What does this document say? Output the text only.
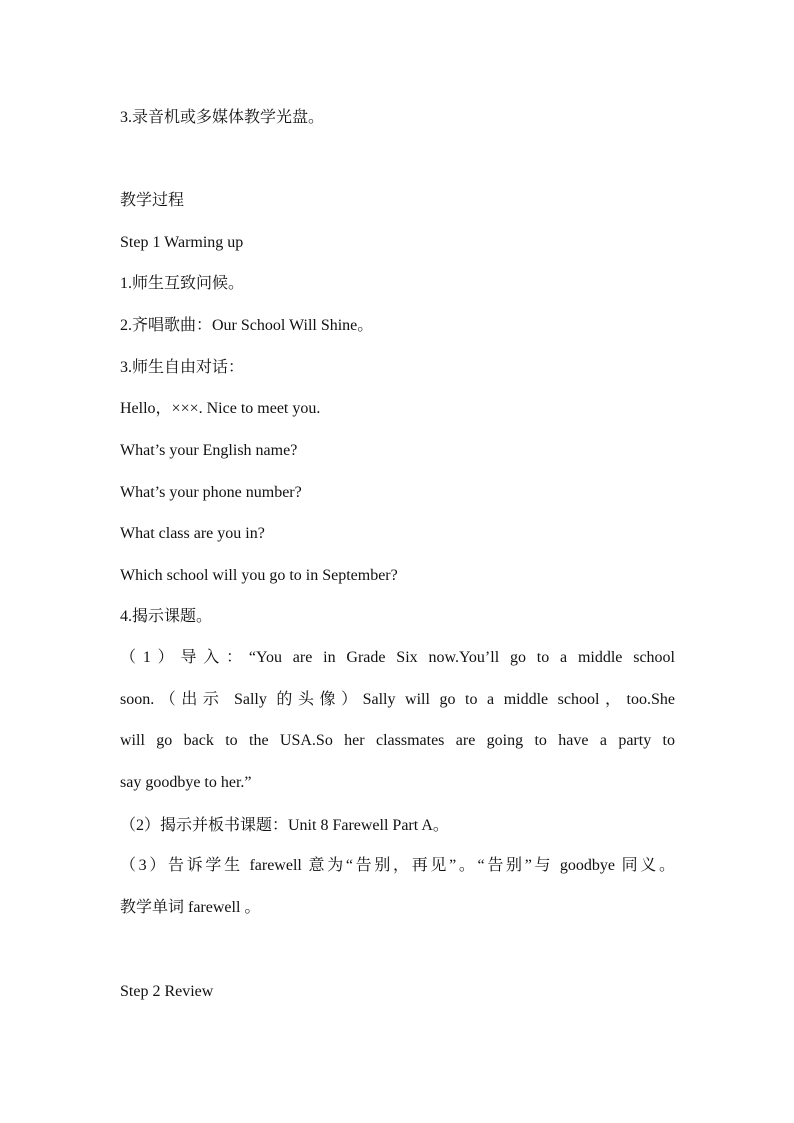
3.录音机或多媒体教学光盘。
教学过程
Step 1 Warming up
1.师生互致问候。
2.齐唱歌曲：Our School Will Shine。
3.师生自由对话：
Hello，×××. Nice to meet you.
What’s your English name?
What’s your phone number?
What class are you in?
Which school will you go to in September?
4.揭示课题。
（1）导入：“You are in Grade Six now.You’ll go to a middle school
soon.（出示 Sally 的头像）Sally will go to a middle school，too.She
will go back to the USA.So her classmates are going to have a party to
say goodbye to her.”
（2）揭示并板书课题：Unit 8 Farewell Part A。
（3）告诉学生 farewell 意为“告别，再见”。“告别”与 goodbye 同义。
教学单词 farewell 。
Step 2 Review
